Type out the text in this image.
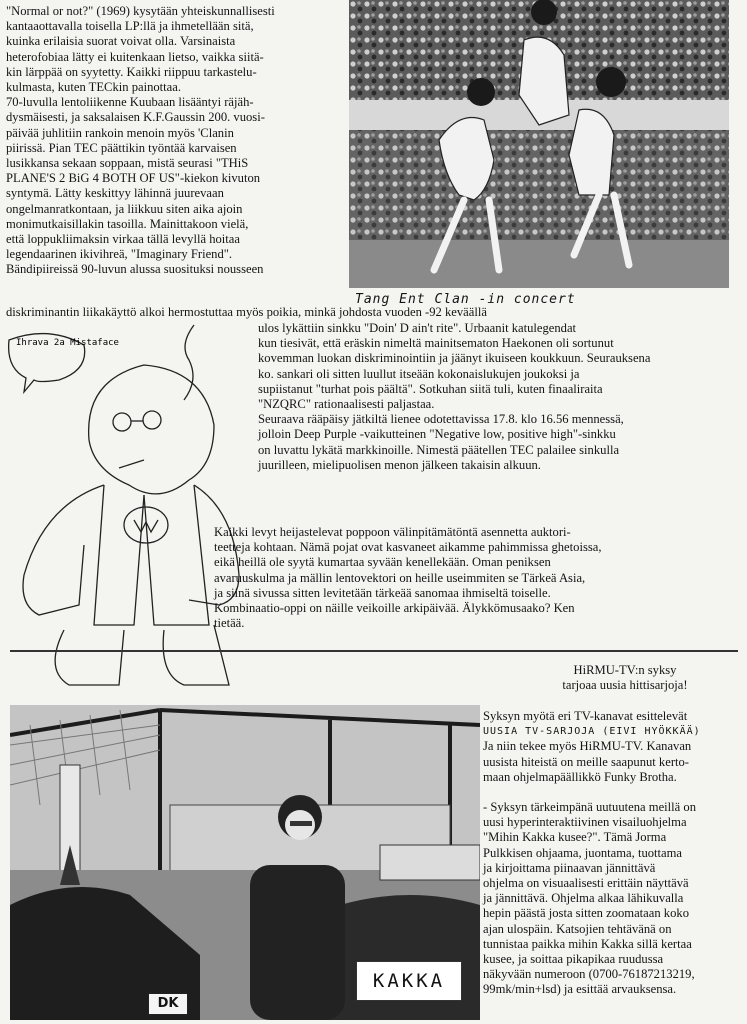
"Normal or not?" (1969) kysytään yhteiskunnallisesti

kantaaottavalla toisella LP:llä ja ihmetellään sitä,

kuinka erilaisia suorat voivat olla. Varsinaista

heterofobiaa lätty ei kuitenkaan lietso, vaikka siitä-

kin lärppää on syytetty. Kaikki riippuu tarkastelu-

kulmasta, kuten TECkin painottaa.

70-luvulla lentoliikenne Kuubaan lisääntyi räjäh-

dysmäisesti, ja saksalaisen K.F.Gaussin 200. vuosi-

päivää juhlitiin rankoin menoin myös 'Clanin

piirissä. Pian TEC päättikin työntää karvaisen

lusikkansa sekaan soppaan, mistä seurasi "THiS

PLANE'S 2 BiG 4 BOTH OF US"-kiekon kivuton

syntymä. Lätty keskittyy lähinnä juurevaan

ongelmanratkontaan, ja liikkuu siten aika ajoin

monimutkaisillakin tasoilla. Mainittakoon vielä,

että loppukliimaksin virkaa tällä levyllä hoitaa

legendaarinen ikivihreä, "Imaginary Friend".

Bändipiireissä 90-luvun alussa suosituksi nousseen

diskriminantin liikakäyttö alkoi hermostuttaa myös poikia, minkä johdosta vuoden -92 keväällä

Tang Ent Clan -in concert
Ihrava 2a Mistaface

ulos lykättiin sinkku "Doin' D ain't rite". Urbaanit katulegendat

kun tiesivät, että eräskin nimeltä mainitsematon Haekonen oli sortunut

kovemman luokan diskriminointiin ja jäänyt ikuiseen koukkuun. Seurauksena

ko. sankari oli sitten luullut itseään kokonaislukujen joukoksi ja

supiistanut "turhat pois päältä". Sotkuhan siitä tuli, kuten finaaliraita

"NZQRC" rationaalisesti paljastaa.

Seuraava rääpäisy jätkiltä lienee odotettavissa 17.8. klo 16.56 mennessä,

jolloin Deep Purple -vaikutteinen "Negative low, positive high"-sinkku

on luvattu lykätä markkinoille. Nimestä päätellen TEC palailee sinkulla

juurilleen, mielipuolisen menon jälkeen takaisin alkuun.

Kaikki levyt heijastelevat poppoon välinpitämätöntä asennetta auktori-

teetteja kohtaan. Nämä pojat ovat kasvaneet aikamme pahimmissa ghetoissa,

eikä heillä ole syytä kumartaa syvään kenellekään. Oman peniksen

avaruuskulma ja mällin lentovektori on heille useimmiten se Tärkeä Asia,

ja siinä sivussa sitten levitetään tärkeää sanomaa ihmiseltä toiselle.

Kombinaatio-oppi on näille veikoille arkipäivää. Älykkömusaako? Ken

tietää.

HiRMU-TV:n syksy

tarjoaa uusia hittisarjoja!

Syksyn myötä eri TV-kanavat esittelevät

UUSIA TV-SARJOJA (EIVI HYÖKKÄÄ)

Ja niin tekee myös HiRMU-TV. Kanavan

uusista hiteistä on meille saapunut kerto-

maan ohjelmapäällikkö Funky Brotha.

- Syksyn tärkeimpänä uutuutena meillä on

uusi hyperinteraktiivinen visailuohjelma

"Mihin Kakka kusee?". Tämä Jorma

Pulkkisen ohjaama, juontama, tuottama

ja kirjoittama piinaavan jännittävä

ohjelma on visuaalisesti erittäin näyttävä

ja jännittävä. Ohjelma alkaa lähikuvalla

hepin päästä josta sitten zoomataan koko

ajan ulospäin. Katsojien tehtävänä on

tunnistaa paikka mihin Kakka sillä kertaa

kusee, ja soittaa pikapikaa ruudussa

näkyvään numeroon (0700-76187213219,

99mk/min+lsd) ja esittää arvauksensa.

KAKKA
DK
